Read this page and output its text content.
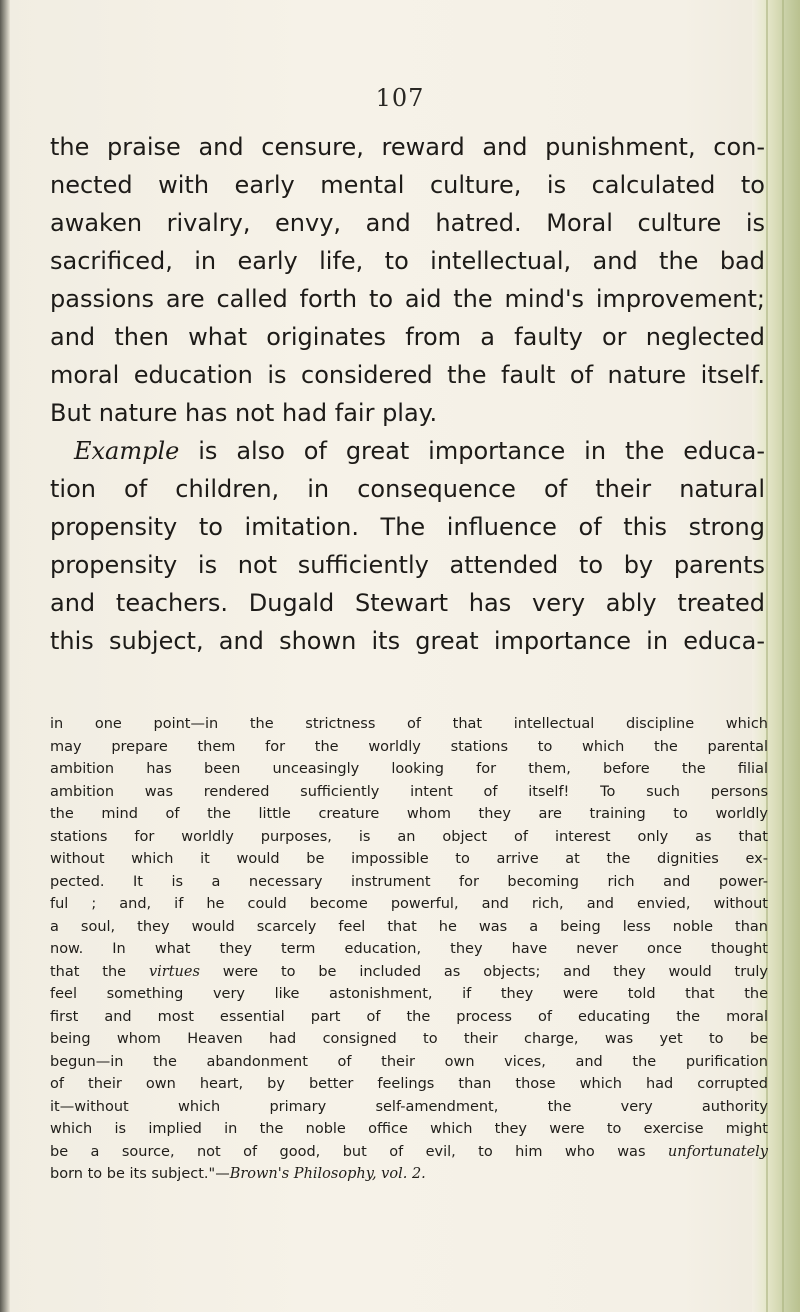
107
the praise and censure, reward and punishment, con-
nected with early mental culture, is calculated to
awaken rivalry, envy, and hatred. Moral culture is
sacrificed, in early life, to intellectual, and the bad
passions are called forth to aid the mind's improvement;
and then what originates from a faulty or neglected
moral education is considered the fault of nature itself.
But nature has not had fair play.
Example is also of great importance in the educa-
tion of children, in consequence of their natural
propensity to imitation. The influence of this strong
propensity is not sufficiently attended to by parents
and teachers. Dugald Stewart has very ably treated
this subject, and shown its great importance in educa-
in one point—in the strictness of that intellectual discipline which
may prepare them for the worldly stations to which the parental
ambition has been unceasingly looking for them, before the filial
ambition was rendered sufficiently intent of itself! To such persons
the mind of the little creature whom they are training to worldly
stations for worldly purposes, is an object of interest only as that
without which it would be impossible to arrive at the dignities ex-
pected. It is a necessary instrument for becoming rich and power-
ful ; and, if he could become powerful, and rich, and envied, without
a soul, they would scarcely feel that he was a being less noble than
now. In what they term education, they have never once thought
that the virtues were to be included as objects; and they would truly
feel something very like astonishment, if they were told that the
first and most essential part of the process of educating the moral
being whom Heaven had consigned to their charge, was yet to be
begun—in the abandonment of their own vices, and the purification
of their own heart, by better feelings than those which had corrupted
it—without which primary self-amendment, the very authority
which is implied in the noble office which they were to exercise might
be a source, not of good, but of evil, to him who was unfortunately
born to be its subject."—Brown's Philosophy, vol. 2.
